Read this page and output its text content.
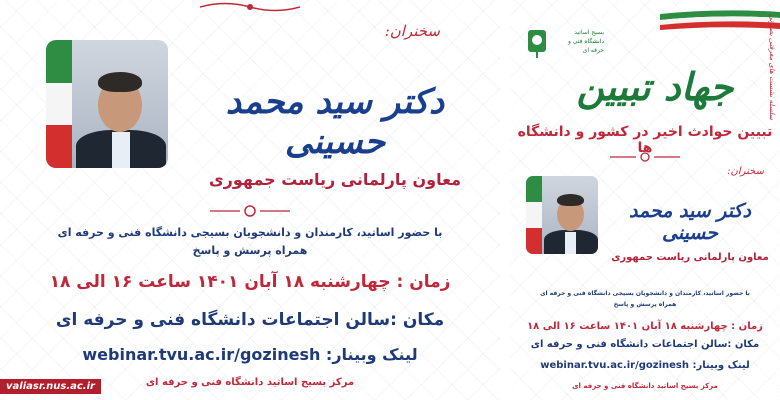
سخنران:
دکتر سید محمد حسینی
معاون پارلمانی ریاست جمهوری
با حضور اساتید، کارمندان و دانشجویان بسیجی دانشگاه فنی و حرفه ای
همراه پرسش و پاسخ
زمان : چهارشنبه ۱۸ آبان ۱۴۰۱ ساعت ۱۶ الی ۱۸
مکان :سالن اجتماعات دانشگاه فنی و حرفه ای
لینک وبینار: webinar.tvu.ac.ir/gozinesh
مرکز بسیج اساتید دانشگاه فنی و حرفه ای
valiasr.nus.ac.ir
بسیج اساتید دانشگاه فنی و حرفه ای	سلسله نشست های معرفتی بصیرتی
جهاد تبیین
تبیین حوادث اخیر در کشور و دانشگاه ها
سخنران:
دکتر سید محمد حسینی
معاون پارلمانی ریاست جمهوری
با حضور اساتید، کارمندان و دانشجویان بسیجی دانشگاه فنی و حرفه ای
همراه پرسش و پاسخ
زمان : چهارشنبه ۱۸ آبان ۱۴۰۱ ساعت ۱۶ الی ۱۸
مکان :سالن اجتماعات دانشگاه فنی و حرفه ای
لینک وبینار: webinar.tvu.ac.ir/gozinesh
مرکز بسیج اساتید دانشگاه فنی و حرفه ای
